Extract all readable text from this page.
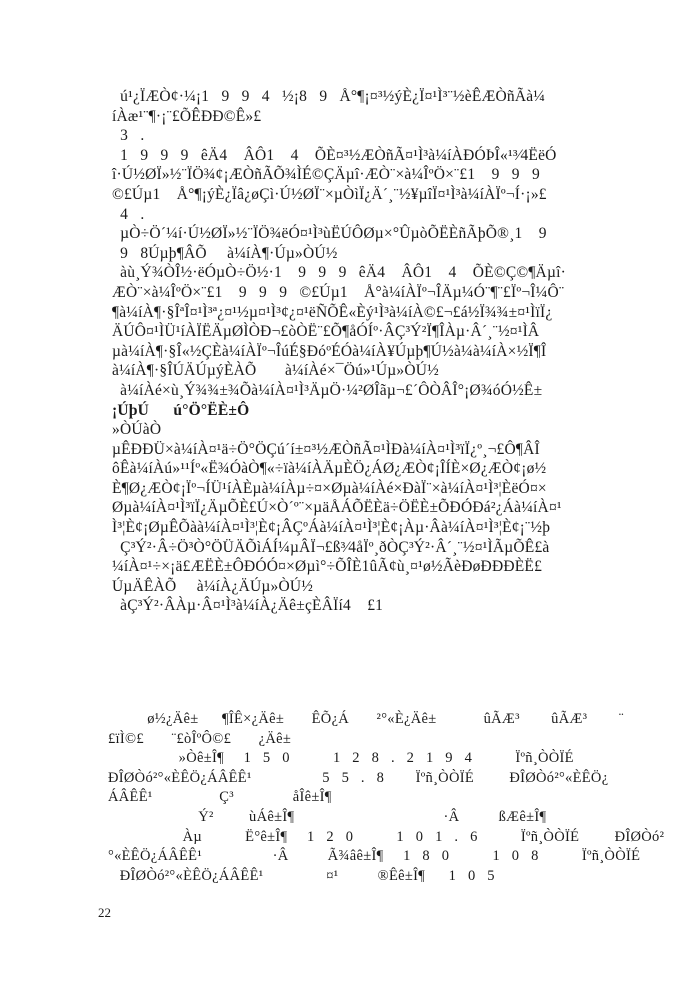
ú¹¿ÏÆÒ¢·¼¡1   9   9   4   ½¡8   9   Å°¶¡¤³½ýÈ¿Ï¤¹Ì³¨½èÊÆÒñÃà¼

íÀæ¹¨¶·¡¨£ÕÊÐÐ©Ê»£

3   .

1   9   9   9   êÄ4    ÂÔ1    4    ÕÈ¤³½ÆÒñÃ¤¹Ì³à¼íÀÐÓÞÎ«¹³⁄4ËëÓ

î·Ú½ØÏ»½¨ÏÖ¾¢¡ÆÒñÃÕ¾ÌÉ©ÇÄµî·ÆÒ¨×à¼ÎºÖ×¨£1    9   9   9

©£Úµ1    Å°¶¡ýÈ¿Ïâ¿øÇì·Ú½ØÏ¨×µÒìÏ¿Ä´¸¨½¥µîÏ¤¹Ì³à¼íÀÏº¬Í·¡»£

4   .

µÒ÷Ö´¼í·Ú½ØÏ»½¨ÏÖ¾ëÓ¤¹Ì³ùËÚÔØµ×°ÛµòÕËÈñÃþÕ®¸1    9

9   8Úµþ¶ÂÕ     à¼íÀ¶·Úµ»ÒÚ½

àù¸Ý¾ÒÎ½·ëÓµÒ÷Ö½·1    9   9   9   êÄ4    ÂÔ1    4    ÕÈ©Ç©¶Äµî·

ÆÒ¨×à¼ÎºÖ×¨£1    9   9   9   ©£Úµ1    Å°à¼íÀÏº¬ÎÄµ¼Ó¨¶¨£Ïº¬Î¼Ô¨

¶à¼íÀ¶·§ÎªÎ¤¹Ì³ª¿¤¹½µ¤¹Ì³¢¿¤¹ëÑÕÊ«Èý¹Ì³à¼íÀ©£¬£á½Ï¾¾±¤¹ÌïÏ¿

ÄÚÔ¤¹ÌÜ¹íÀÏËÄµØÌÒÐ¬£òÒË¨£Õ¶åÓÍº·ÂÇ³Ý²Ï¶ÎÀµ·Â´¸¨½¤¹ÌÂ

µà¼íÀ¶·§Î«½ÇÈà¼íÀÏº¬ÎúÉ§ÐóºÉÓà¼íÀ¥Úµþ¶Ú½à¼à¼íÀ×½Ï¶Î

à¼íÀ¶·§ÎÚÄÚµýÈÀÕ       à¼íÀé×¯Öú»¹Úµ»ÒÚ½

à¼íÀé×ù¸Ý¾¾±¾Õà¼íÀ¤¹Ì³ÄµÖ·¼²ØÎãµ¬£´ÔÒÂÎ°¡Ø¾óÓ½Ê±

¡ÚþÚ      ú°Ö°ËÈ±Ô

»ÒÚàÒ

µÊÐÐÜ×à¼íÀ¤¹ä÷Ö°ÖÇú´í±¤³½ÆÒñÃ¤¹ÌÐà¼íÀ¤¹Ì³ïÏ¿º¸¬£Ô¶ÂÎ

ôÊà¼íÀú»¹¹Íº«Ë¾ÓàÒ¶«÷ïà¼íÀÄµÈÖ¿ÁØ¿ÆÒ¢¡ÎÍÈ×Ø¿ÆÒ¢¡ø½

È¶Ø¿ÆÒ¢¡Ïº¬ÍÜ¹íÀÈµà¼íÀµ÷¤×Øµà¼íÀé×ÐàÏ¨×à¼íÀ¤¹Ì³¦ÈëÓ¤×

Øµà¼íÀ¤¹Ì³ïÏ¿ÄµÕÈ£Ú×Ò´º¨×µäÅÁÕËÈä÷ÖËÈ±ÕÐÓÐá²¿Áà¼íÀ¤¹

Ì³¦È¢¡ØµÊÕàà¼íÀ¤¹Ì³¦È¢¡ÂÇºÁà¼íÀ¤¹Ì³¦È¢¡Àµ·Âà¼íÀ¤¹Ì³¦È¢¡¨½þ

Ç³Ý²·Â÷Ö³Ò°ÖÜÄÕìÁÍ¼µÂÏ¬£ß³⁄4åÏº¸ðÒÇ³Ý²·Â´¸¨½¤¹ÌÃµÕÊ£à

¼íÀ¤¹÷×¡ä£ÆËÈ±ÔÐÓÓ¤×Øµì°÷ÕÎÈ1ûÃ¢ù¸¤¹ø½ÃèÐøÐÐÐÈË£

ÚµÄÊÀÕ     à¼íÀ¿ÄÚµ»ÒÚ½

àÇ³Ý²·ÂÀµ·Â¤¹Ì³à¼íÀ¿Äê±çÈÂÏí4    £1

ø½¿Äê±      ¶ÎÊ×¿Äê±       ÊÕ¿Á       ²°«È¿Äê±            ûÃÆ³        ûÃÆ³        ¨

£ïÌ©£       ¨£òÎºÔ©£       ¿Äê±

»Òê±Î¶     1   5   0           1   2   8   .   2   1   9   4           Ïºñ¸ÒÒÏÉ

ÐÎØÒó²°«ÈÊÖ¿ÁÂÊÊ¹                  5   5   .   8        Ïºñ¸ÒÒÏÉ         ÐÎØÒó²°«ÈÊÖ¿

ÁÂÊÊ¹                 Ç³               åÎê±Î¶

Ý²         ùÁê±Î¶                                      ·Â          ßÆê±Î¶

Àµ           Ë°ê±Î¶     1   2   0           1   0   1   .   6           Ïºñ¸ÒÒÏÉ         ÐÎØÒó²

°«ÈÊÖ¿ÁÂÊÊ¹                  ·Â          Ã¾âê±Î¶     1   8   0           1   0   8           Ïºñ¸ÒÒÏÉ

ÐÎØÒó²°«ÈÊÖ¿ÁÂÊÊ¹                ¤¹          ®Êê±Î¶      1   0   5

22
